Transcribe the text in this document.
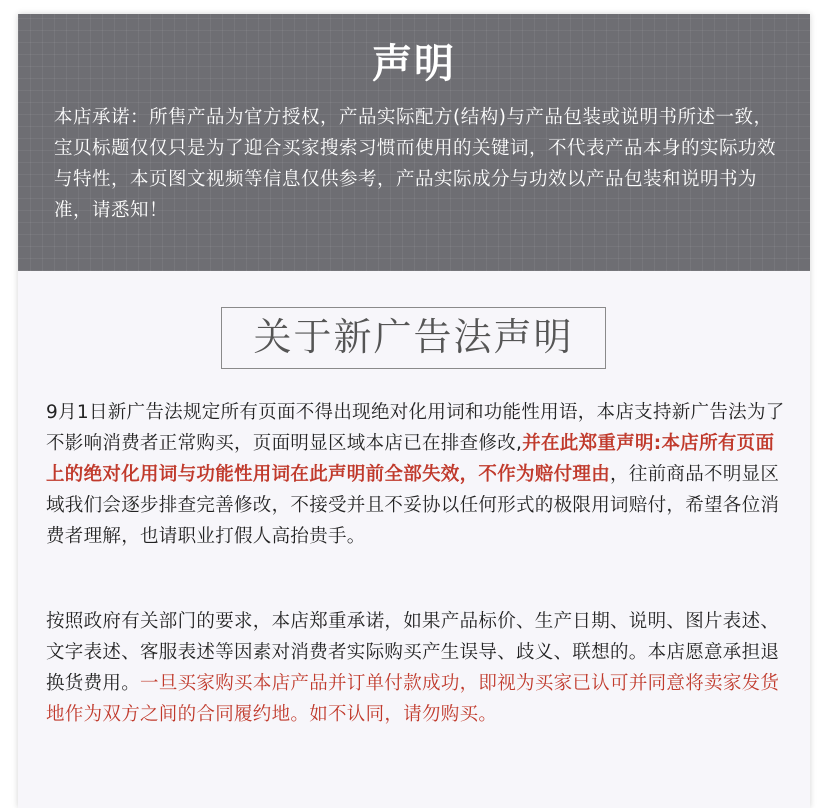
声明
本店承诺：所售产品为官方授权，产品实际配方(结构)与产品包装或说明书所述一致，宝贝标题仅仅只是为了迎合买家搜索习惯而使用的关键词，不代表产品本身的实际功效与特性，本页图文视频等信息仅供参考，产品实际成分与功效以产品包装和说明书为准，请悉知！
关于新广告法声明
9月1日新广告法规定所有页面不得出现绝对化用词和功能性用语，本店支持新广告法为了不影响消费者正常购买，页面明显区域本店已在排查修改,并在此郑重声明:本店所有页面上的绝对化用词与功能性用词在此声明前全部失效，不作为赔付理由，往前商品不明显区域我们会逐步排查完善修改，不接受并且不妥协以任何形式的极限用词赔付，希望各位消费者理解，也请职业打假人高抬贵手。
按照政府有关部门的要求，本店郑重承诺，如果产品标价、生产日期、说明、图片表述、文字表述、客服表述等因素对消费者实际购买产生误导、歧义、联想的。本店愿意承担退换货费用。一旦买家购买本店产品并订单付款成功，即视为买家已认可并同意将卖家发货地作为双方之间的合同履约地。如不认同，请勿购买。
